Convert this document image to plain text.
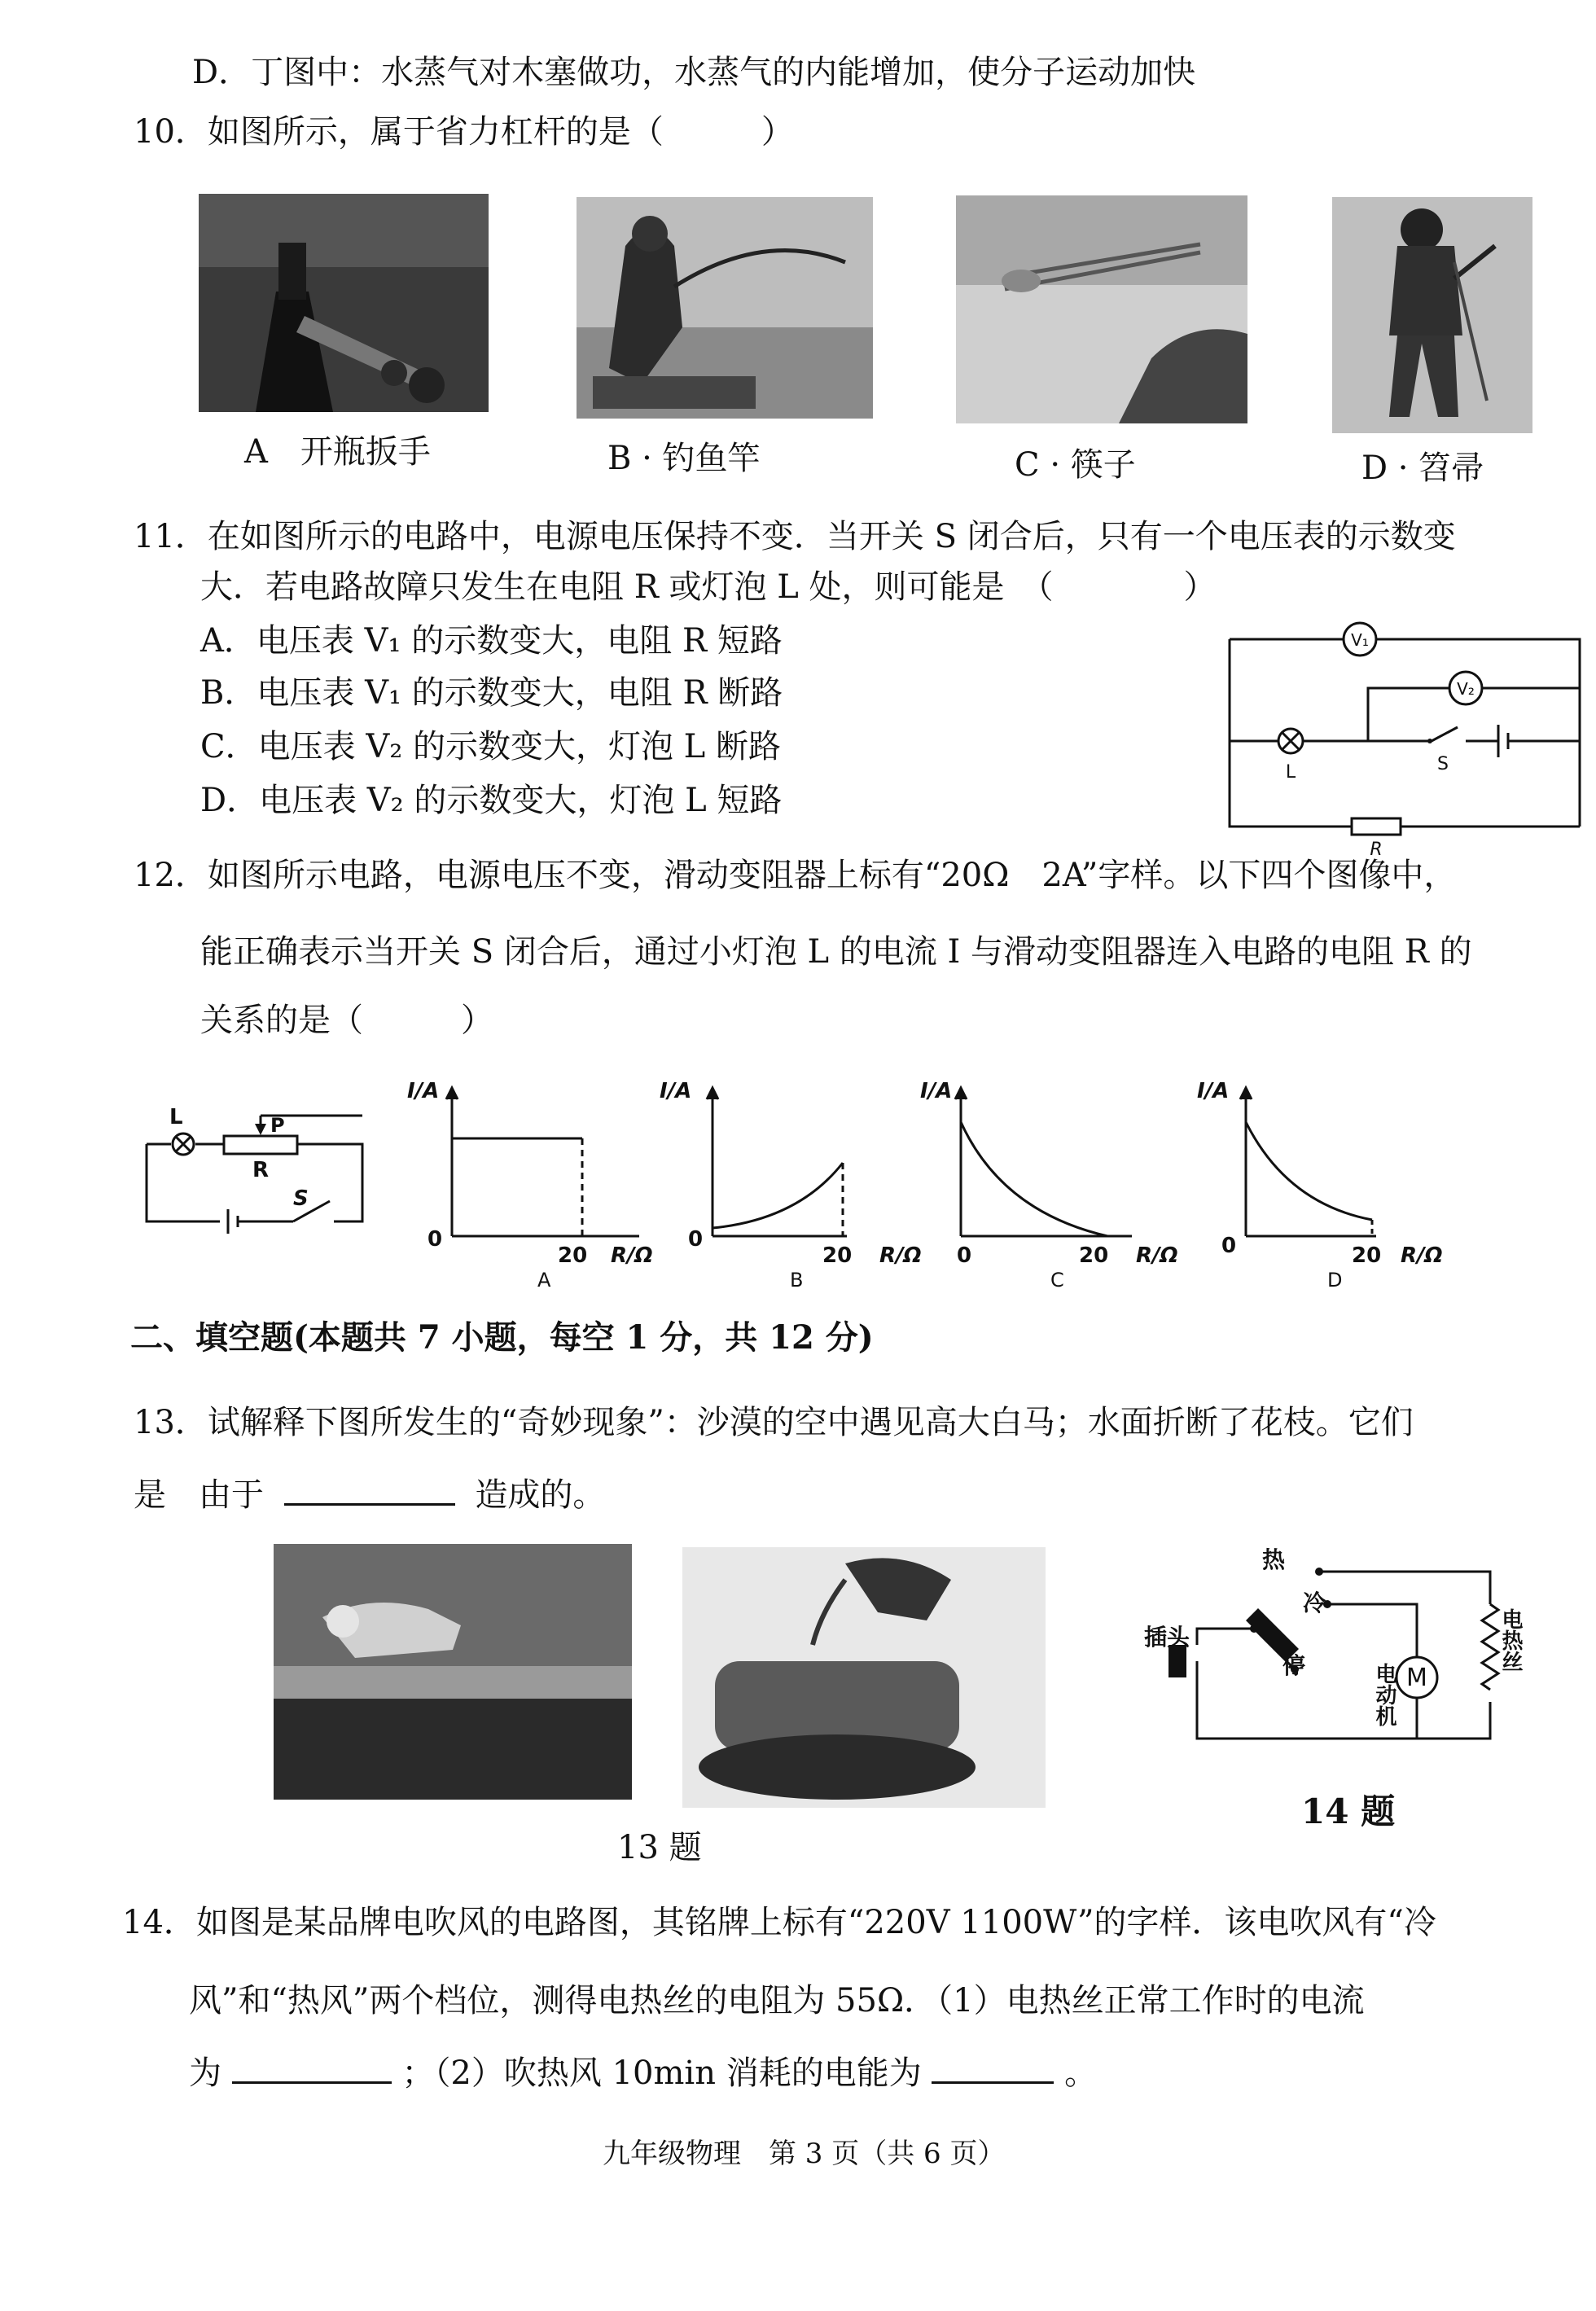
D．丁图中：水蒸气对木塞做功，水蒸气的内能增加，使分子运动加快
10．如图所示，属于省力杠杆的是（　　　）
A　开瓶扳手	B · 钓鱼竿	C · 筷子	D · 笤帚
11．在如图所示的电路中，电源电压保持不变．当开关 S 闭合后，只有一个电压表的示数变
大．若电路故障只发生在电阻 R 或灯泡 L 处，则可能是　（　　　　）
A．电压表 V₁ 的示数变大，电阻 R 短路
B．电压表 V₁ 的示数变大，电阻 R 断路
C．电压表 V₂ 的示数变大，灯泡 L 断路
D．电压表 V₂ 的示数变大，灯泡 L 短路
V₁
V₂
L	S
R
12．如图所示电路，电源电压不变，滑动变阻器上标有“20Ω　2A”字样。以下四个图像中，
能正确表示当开关 S 闭合后，通过小灯泡 L 的电流 I 与滑动变阻器连入电路的电阻 R 的
关系的是（　　　）
L	P
R
S
I/A
0
20 R/Ω
A
I/A
0
20 R/Ω
B
I/A
0	20 R/Ω
C
I/A
0	20 R/Ω
D
二、填空题(本题共 7 小题，每空 1 分，共 12 分)
13．试解释下图所发生的“奇妙现象”：沙漠的空中遇见高大白马；水面折断了花枝。它们
是　由于	造成的。
13 题
M
热
冷
停
插头
电动机
电热丝
14 题
14．如图是某品牌电吹风的电路图，其铭牌上标有“220V 1100W”的字样．该电吹风有“冷
风”和“热风”两个档位，测得电热丝的电阻为 55Ω．（1）电热丝正常工作时的电流
为	；（2）吹热风 10min 消耗的电能为	。
九年级物理　第 3 页（共 6 页）
